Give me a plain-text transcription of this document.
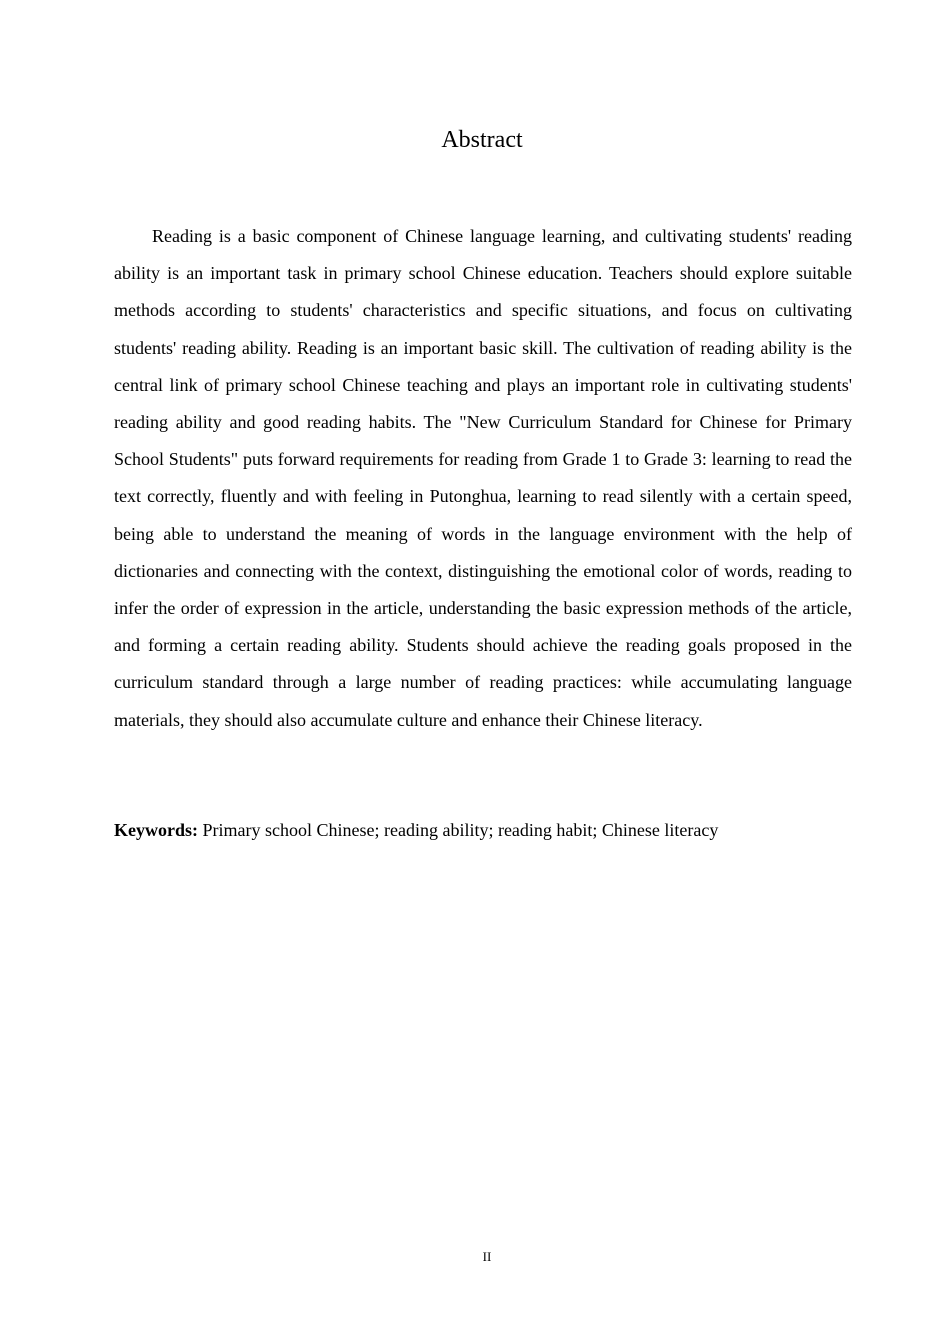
Abstract

Reading is a basic component of Chinese language learning, and cultivating students' reading ability is an important task in primary school Chinese education. Teachers should explore suitable methods according to students' characteristics and specific situations, and focus on cultivating students' reading ability. Reading is an important basic skill. The cultivation of reading ability is the central link of primary school Chinese teaching and plays an important role in cultivating students' reading ability and good reading habits. The "New Curriculum Standard for Chinese for Primary School Students" puts forward requirements for reading from Grade 1 to Grade 3: learning to read the text correctly, fluently and with feeling in Putonghua, learning to read silently with a certain speed, being able to understand the meaning of words in the language environment with the help of dictionaries and connecting with the context, distinguishing the emotional color of words, reading to infer the order of expression in the article, understanding the basic expression methods of the article, and forming a certain reading ability. Students should achieve the reading goals proposed in the curriculum standard through a large number of reading practices: while accumulating language materials, they should also accumulate culture and enhance their Chinese literacy.

Keywords: Primary school Chinese; reading ability; reading habit; Chinese literacy

II
